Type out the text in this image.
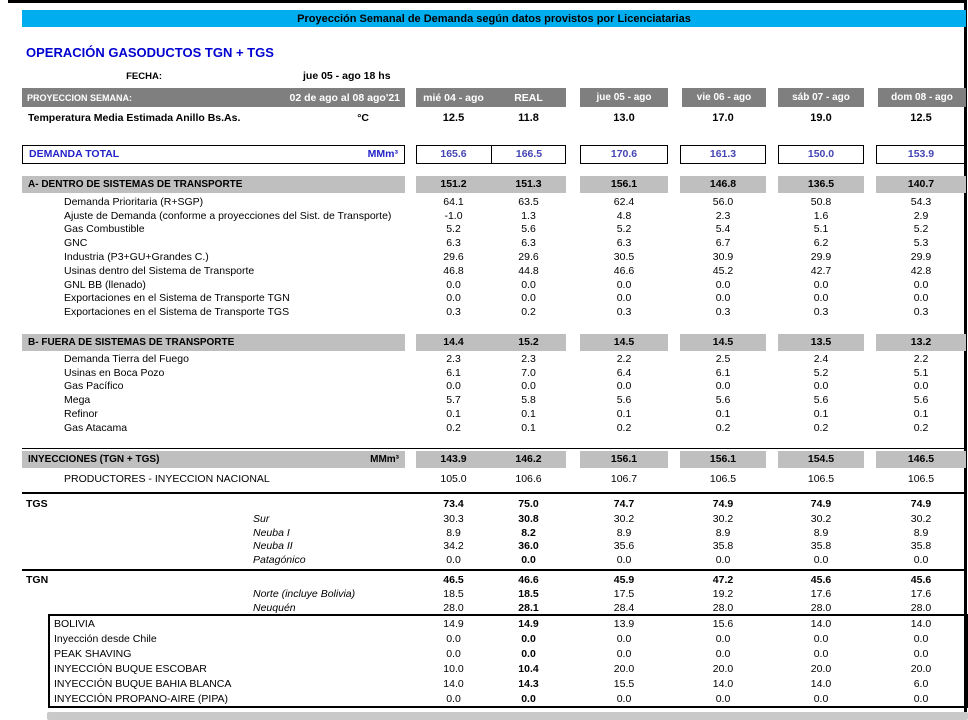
Proyección Semanal de Demanda según datos provistos por Licenciatarias
OPERACIÓN GASODUCTOS TGN + TGS
FECHA:	jue 05 - ago 18 hs
PROYECCION SEMANA:	02 de ago al 08 ago'21	mié 04 - ago	REAL	jue 05 - ago	vie 06 - ago	sáb 07 - ago	dom 08 - ago
Temperatura Media Estimada Anillo Bs.As.	°C	12.5	11.8	13.0	17.0	19.0	12.5
DEMANDA TOTAL	MMm³	165.6	166.5	170.6	161.3	150.0	153.9
A- DENTRO DE SISTEMAS DE TRANSPORTE	151.2	151.3	156.1	146.8	136.5	140.7
Demanda Prioritaria (R+SGP)	64.1	63.5	62.4	56.0	50.8	54.3
Ajuste de Demanda (conforme a proyecciones del Sist. de Transporte)	-1.0	1.3	4.8	2.3	1.6	2.9
Gas Combustible	5.2	5.6	5.2	5.4	5.1	5.2
GNC	6.3	6.3	6.3	6.7	6.2	5.3
Industria (P3+GU+Grandes C.)	29.6	29.6	30.5	30.9	29.9	29.9
Usinas dentro del Sistema de Transporte	46.8	44.8	46.6	45.2	42.7	42.8
GNL BB (llenado)	0.0	0.0	0.0	0.0	0.0	0.0
Exportaciones en el Sistema de Transporte TGN	0.0	0.0	0.0	0.0	0.0	0.0
Exportaciones en el Sistema de Transporte TGS	0.3	0.2	0.3	0.3	0.3	0.3
B- FUERA DE SISTEMAS DE TRANSPORTE	14.4	15.2	14.5	14.5	13.5	13.2
Demanda Tierra del Fuego	2.3	2.3	2.2	2.5	2.4	2.2
Usinas en Boca Pozo	6.1	7.0	6.4	6.1	5.2	5.1
Gas Pacífico	0.0	0.0	0.0	0.0	0.0	0.0
Mega	5.7	5.8	5.6	5.6	5.6	5.6
Refinor	0.1	0.1	0.1	0.1	0.1	0.1
Gas Atacama	0.2	0.1	0.2	0.2	0.2	0.2
INYECCIONES (TGN + TGS)	MMm³	143.9	146.2	156.1	156.1	154.5	146.5
PRODUCTORES - INYECCION NACIONAL	105.0	106.6	106.7	106.5	106.5	106.5
TGS	73.4	75.0	74.7	74.9	74.9	74.9
Sur	30.3	30.8	30.2	30.2	30.2	30.2
Neuba I	8.9	8.2	8.9	8.9	8.9	8.9
Neuba II	34.2	36.0	35.6	35.8	35.8	35.8
Patagónico	0.0	0.0	0.0	0.0	0.0	0.0
TGN	46.5	46.6	45.9	47.2	45.6	45.6
Norte (incluye Bolivia)	18.5	18.5	17.5	19.2	17.6	17.6
Neuquén	28.0	28.1	28.4	28.0	28.0	28.0
BOLIVIA	14.9	14.9	13.9	15.6	14.0	14.0
Inyección desde Chile	0.0	0.0	0.0	0.0	0.0	0.0
PEAK SHAVING	0.0	0.0	0.0	0.0	0.0	0.0
INYECCIÓN BUQUE ESCOBAR	10.0	10.4	20.0	20.0	20.0	20.0
INYECCIÓN BUQUE BAHIA BLANCA	14.0	14.3	15.5	14.0	14.0	6.0
INYECCIÓN PROPANO-AIRE (PIPA)	0.0	0.0	0.0	0.0	0.0	0.0
